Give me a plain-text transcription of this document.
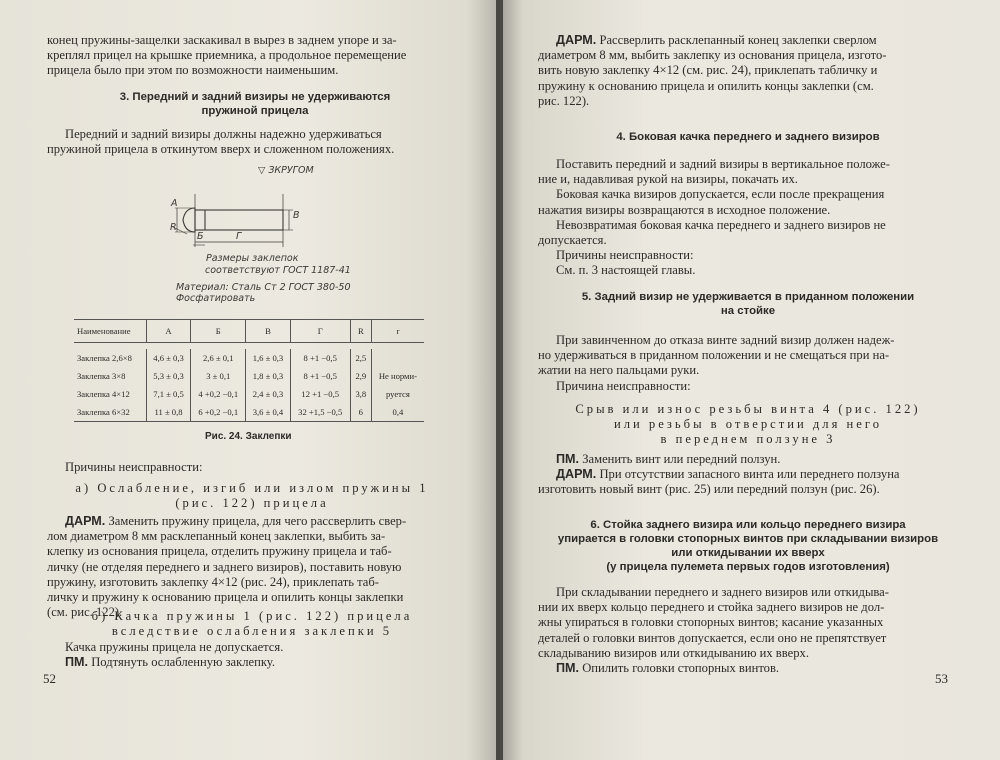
конец пружины-защелки заскакивал в вырез в заднем упоре и за-
креплял прицел на крышке приемника, а продольное перемещение
прицела было при этом по возможности наименьшим.
3. Передний и задний визиры не удерживаются
пружиной прицела
Передний и задний визиры должны надежно удерживаться
пружиной прицела в откинутом вверх и сложенном положениях.
▽ ЗКРУГОМ
R
A
Б
В
Г
Размеры заклепок
соответствуют ГОСТ 1187-41
Материал: Сталь Ст 2 ГОСТ 380-50
Фосфатировать
Наименование	А	Б	В	Г	R	r

Заклепка 2,6×8	4,6 ± 0,3	2,6 ± 0,1	1,6 ± 0,3	8 +1 −0,5	2,5	
Заклепка 3×8	5,3 ± 0,3	3 ± 0,1	1,8 ± 0,3	8 +1 −0,5	2,9	Не норми-
Заклепка 4×12	7,1 ± 0,5	4 +0,2 −0,1	2,4 ± 0,3	12 +1 −0,5	3,8	руется
Заклепка 6×32	11 ± 0,8	6 +0,2 −0,1	3,6 ± 0,4	32 +1,5 −0,5	6	0,4
Рис. 24. Заклепки
Причины неисправности:
а) Ослабление, изгиб или излом пружины 1
(рис. 122) прицела
ДАРМ. Заменить пружину прицела, для чего рассверлить свер-
лом диаметром 8 мм расклепанный конец заклепки, выбить за-
клепку из основания прицела, отделить пружину прицела и таб-
личку (не отделяя переднего и заднего визиров), поставить новую
пружину, изготовить заклепку 4×12 (рис. 24), приклепать таб-
личку и пружину к основанию прицела и опилить концы заклепки
(см. рис. 122).
б) Качка пружины 1 (рис. 122) прицела
вследствие ослабления заклепки 5
Качка пружины прицела не допускается.
ПМ. Подтянуть ослабленную заклепку.
52
ДАРМ. Рассверлить расклепанный конец заклепки сверлом
диаметром 8 мм, выбить заклепку из основания прицела, изгото-
вить новую заклепку 4×12 (см. рис. 24), приклепать табличку и
пружину к основанию прицела и опилить концы заклепки (см.
рис. 122).
4. Боковая качка переднего и заднего визиров
Поставить передний и задний визиры в вертикальное положе-
ние и, надавливая рукой на визиры, покачать их.
Боковая качка визиров допускается, если после прекращения
нажатия визиры возвращаются в исходное положение.
Невозвратимая боковая качка переднего и заднего визиров не
допускается.
Причины неисправности:
См. п. 3 настоящей главы.
5. Задний визир не удерживается в приданном положении
на стойке
При завинченном до отказа винте задний визир должен надеж-
но удерживаться в приданном положении и не смещаться при на-
жатии на него пальцами руки.
Причина неисправности:
Срыв или износ резьбы винта 4 (рис. 122)
или резьбы в отверстии для него
в переднем ползуне 3
ПМ. Заменить винт или передний ползун.
ДАРМ. При отсутствии запасного винта или переднего ползуна
изготовить новый винт (рис. 25) или передний ползун (рис. 26).
6. Стойка заднего визира или кольцо переднего визира
упирается в головки стопорных винтов при складывании визиров
или откидывании их вверх
(у прицела пулемета первых годов изготовления)
При складывании переднего и заднего визиров или откидыва-
нии их вверх кольцо переднего и стойка заднего визиров не дол-
жны упираться в головки стопорных винтов; касание указанных
деталей о головки винтов допускается, если оно не препятствует
складыванию визиров или откидыванию их вверх.
ПМ. Опилить головки стопорных винтов.
53
